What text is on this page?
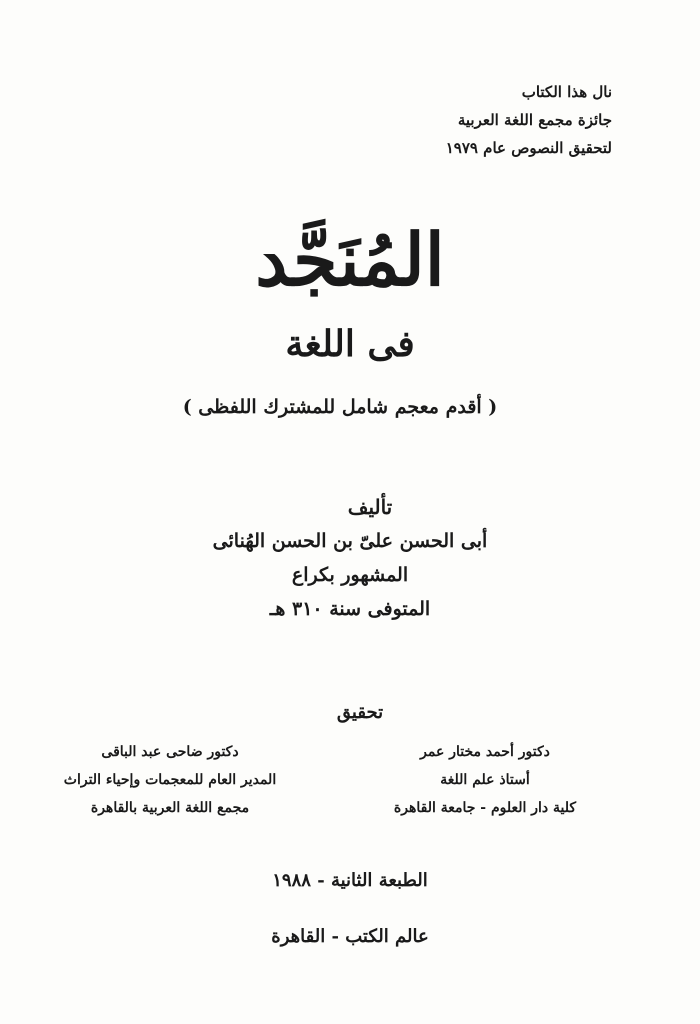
نال هذا الكتاب
جائزة مجمع اللغة العربية
لتحقيق النصوص عام ١٩٧٩
المُنَجَّد
فى اللغة
( أقدم معجم شامل للمشترك اللفظى )
تأليف
أبى الحسن علىّ بن الحسن الهُنائى
المشهور بكراع
المتوفى سنة ٣١٠ هـ
تحقيق
دكتور أحمد مختار عمر
أستاذ علم اللغة
كلية دار العلوم - جامعة القاهرة
دكتور ضاحى عبد الباقى
المدير العام للمعجمات وإحياء التراث
مجمع اللغة العربية بالقاهرة
الطبعة الثانية - ١٩٨٨
عالم الكتب - القاهرة
